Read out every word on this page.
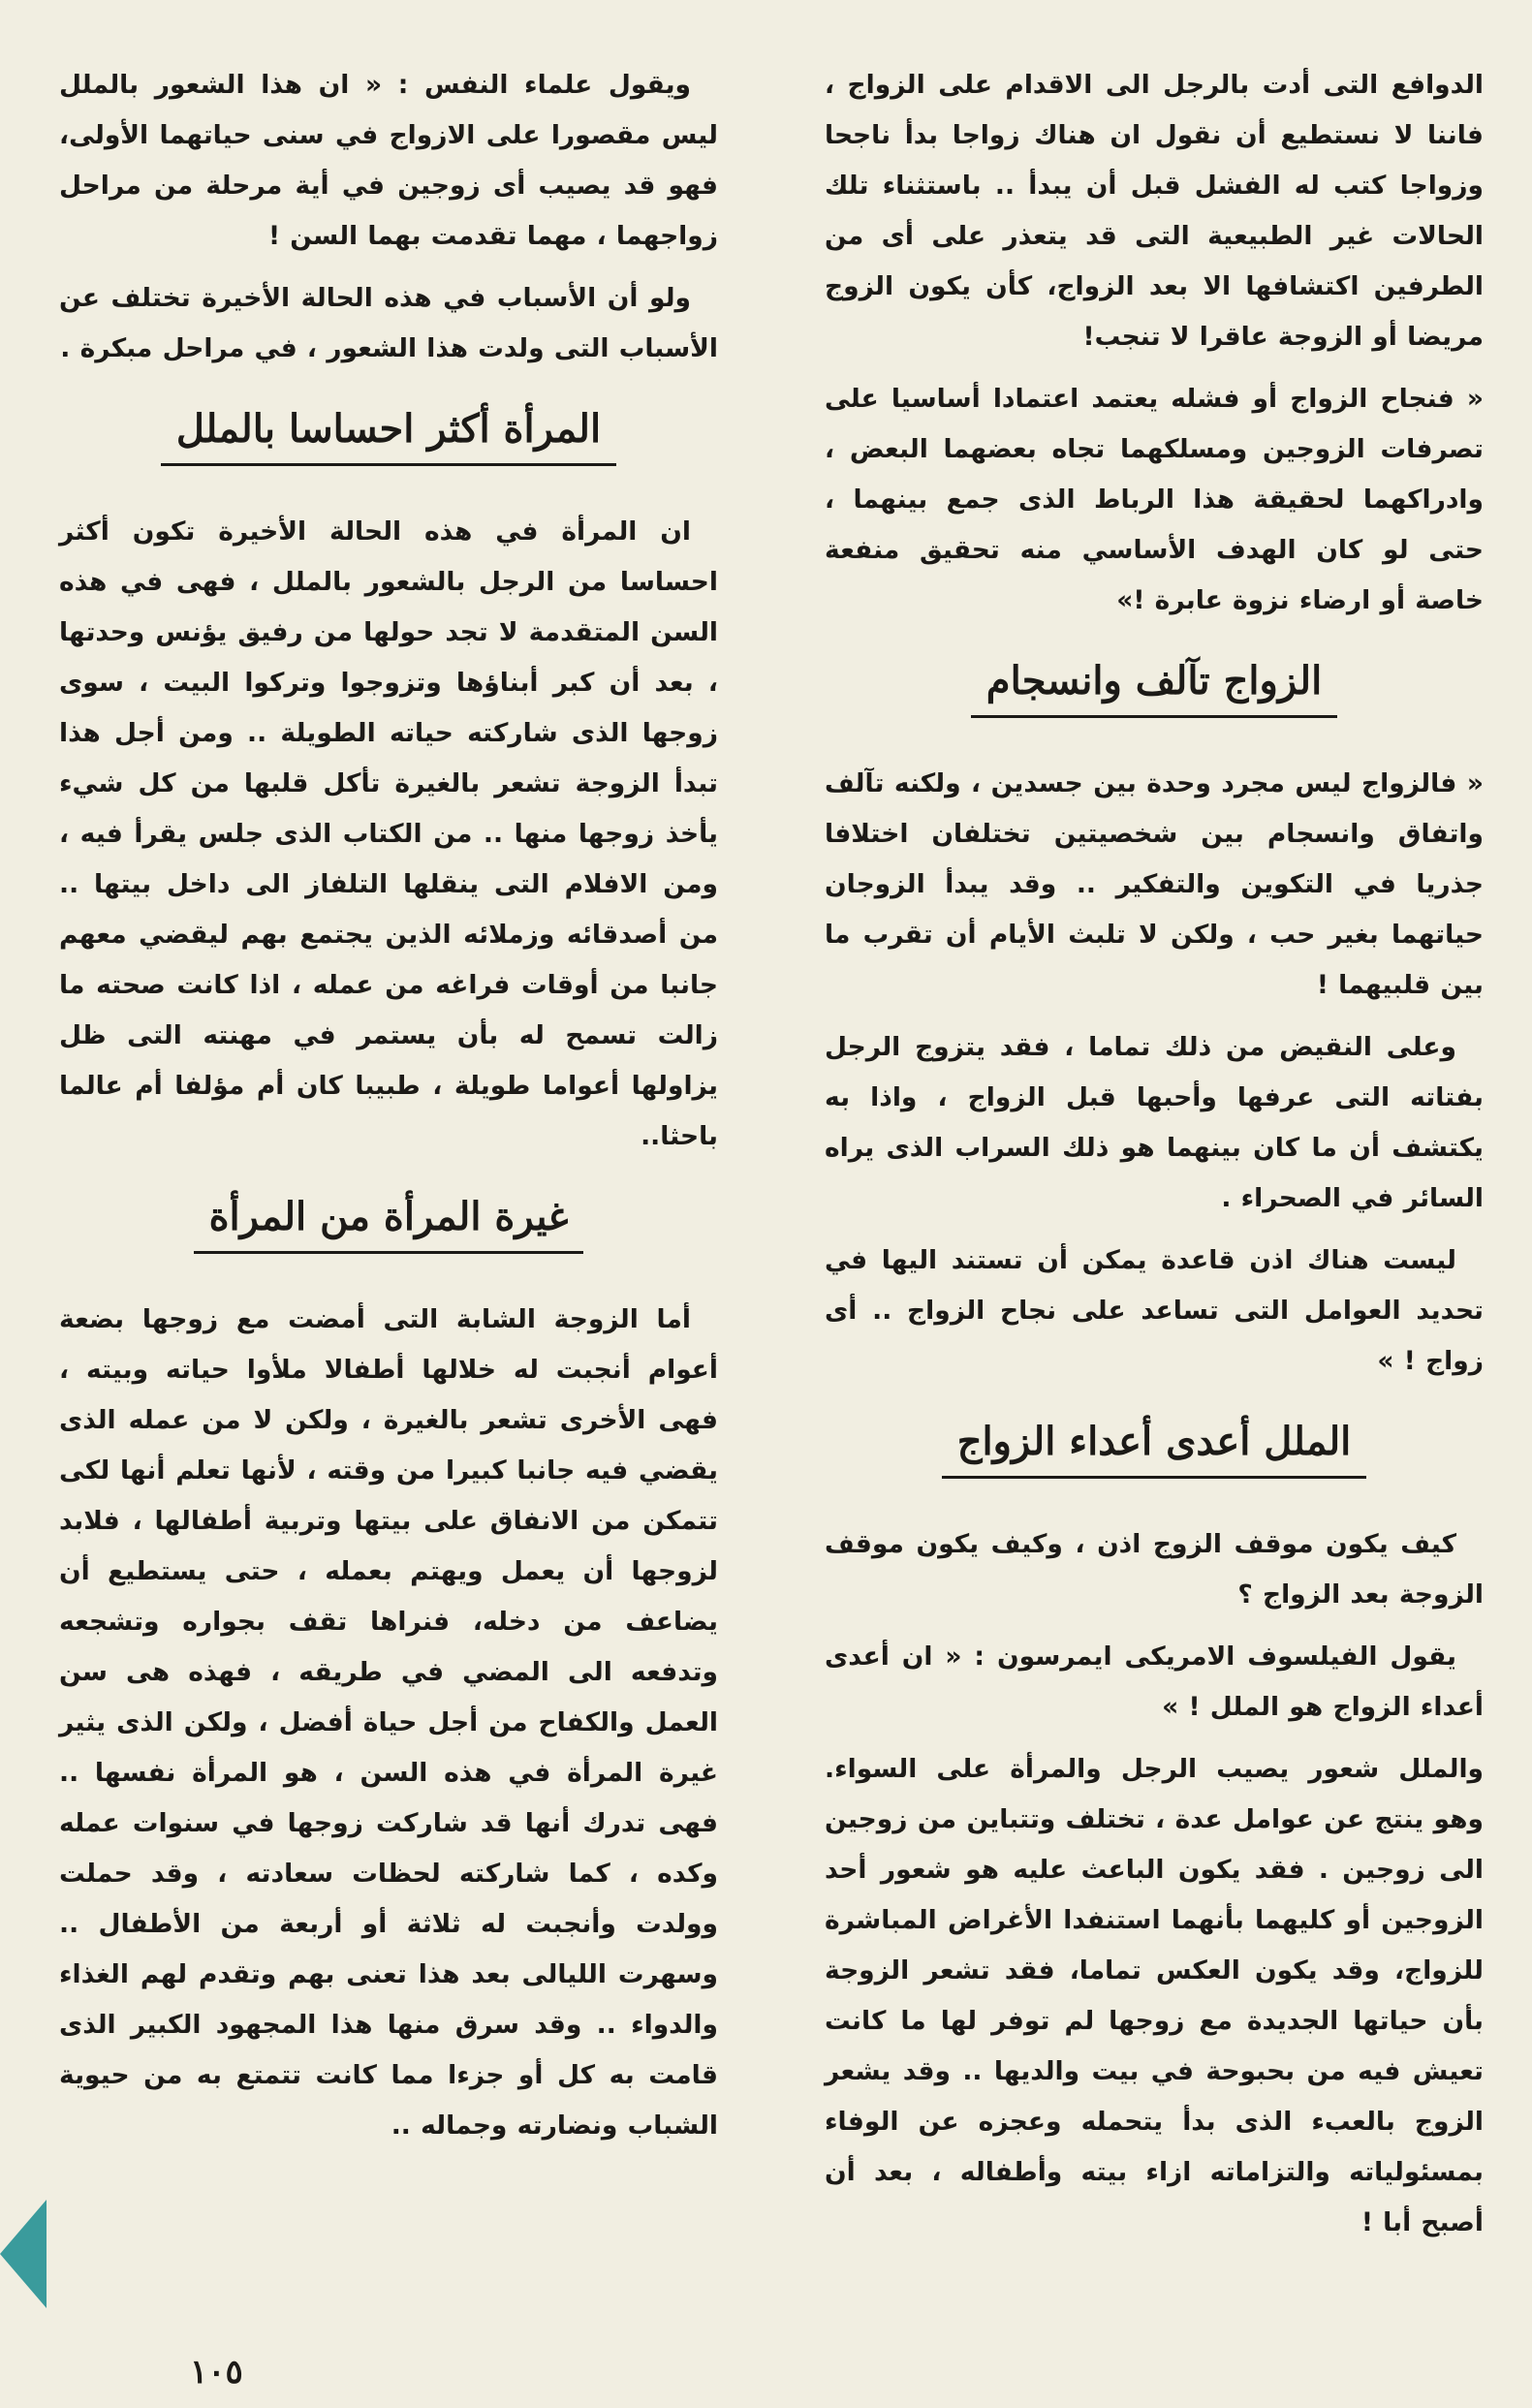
الدوافع التى أدت بالرجل الى الاقدام على الزواج ، فاننا لا نستطيع أن نقول ان هناك زواجا بدأ ناجحا وزواجا كتب له الفشل قبل أن يبدأ .. باستثناء تلك الحالات غير الطبيعية التى قد يتعذر على أى من الطرفين اكتشافها الا بعد الزواج، كأن يكون الزوج مريضا أو الزوجة عاقرا لا تنجب!

« فنجاح الزواج أو فشله يعتمد اعتمادا أساسيا على تصرفات الزوجين ومسلكهما تجاه بعضهما البعض ، وادراكهما لحقيقة هذا الرباط الذى جمع بينهما ، حتى لو كان الهدف الأساسي منه تحقيق منفعة خاصة أو ارضاء نزوة عابرة !»

الزواج تآلف وانسجام

« فالزواج ليس مجرد وحدة بين جسدين ، ولكنه تآلف واتفاق وانسجام بين شخصيتين تختلفان اختلافا جذريا في التكوين والتفكير .. وقد يبدأ الزوجان حياتهما بغير حب ، ولكن لا تلبث الأيام أن تقرب ما بين قلبيهما !

وعلى النقيض من ذلك تماما ، فقد يتزوج الرجل بفتاته التى عرفها وأحبها قبل الزواج ، واذا به يكتشف أن ما كان بينهما هو ذلك السراب الذى يراه السائر في الصحراء .

ليست هناك اذن قاعدة يمكن أن تستند اليها في تحديد العوامل التى تساعد على نجاح الزواج .. أى زواج ! »

الملل أعدى أعداء الزواج

كيف يكون موقف الزوج اذن ، وكيف يكون موقف الزوجة بعد الزواج ؟

يقول الفيلسوف الامريكى ايمرسون : « ان أعدى أعداء الزواج هو الملل ! »

والملل شعور يصيب الرجل والمرأة على السواء. وهو ينتج عن عوامل عدة ، تختلف وتتباين من زوجين الى زوجين . فقد يكون الباعث عليه هو شعور أحد الزوجين أو كليهما بأنهما استنفدا الأغراض المباشرة للزواج، وقد يكون العكس تماما، فقد تشعر الزوجة بأن حياتها الجديدة مع زوجها لم توفر لها ما كانت تعيش فيه من بحبوحة في بيت والديها .. وقد يشعر الزوج بالعبء الذى بدأ يتحمله وعجزه عن الوفاء بمسئولياته والتزاماته ازاء بيته وأطفاله ، بعد أن أصبح أبا !

ويقول علماء النفس : « ان هذا الشعور بالملل ليس مقصورا على الازواج في سنى حياتهما الأولى، فهو قد يصيب أى زوجين في أية مرحلة من مراحل زواجهما ، مهما تقدمت بهما السن !

ولو أن الأسباب في هذه الحالة الأخيرة تختلف عن الأسباب التى ولدت هذا الشعور ، في مراحل مبكرة .

المرأة أكثر احساسا بالملل

ان المرأة في هذه الحالة الأخيرة تكون أكثر احساسا من الرجل بالشعور بالملل ، فهى في هذه السن المتقدمة لا تجد حولها من رفيق يؤنس وحدتها ، بعد أن كبر أبناؤها وتزوجوا وتركوا البيت ، سوى زوجها الذى شاركته حياته الطويلة .. ومن أجل هذا تبدأ الزوجة تشعر بالغيرة تأكل قلبها من كل شيء يأخذ زوجها منها .. من الكتاب الذى جلس يقرأ فيه ، ومن الافلام التى ينقلها التلفاز الى داخل بيتها .. من أصدقائه وزملائه الذين يجتمع بهم ليقضي معهم جانبا من أوقات فراغه من عمله ، اذا كانت صحته ما زالت تسمح له بأن يستمر في مهنته التى ظل يزاولها أعواما طويلة ، طبيبا كان أم مؤلفا أم عالما باحثا..

غيرة المرأة من المرأة

أما الزوجة الشابة التى أمضت مع زوجها بضعة أعوام أنجبت له خلالها أطفالا ملأوا حياته وبيته ، فهى الأخرى تشعر بالغيرة ، ولكن لا من عمله الذى يقضي فيه جانبا كبيرا من وقته ، لأنها تعلم أنها لكى تتمكن من الانفاق على بيتها وتربية أطفالها ، فلابد لزوجها أن يعمل ويهتم بعمله ، حتى يستطيع أن يضاعف من دخله، فنراها تقف بجواره وتشجعه وتدفعه الى المضي في طريقه ، فهذه هى سن العمل والكفاح من أجل حياة أفضل ، ولكن الذى يثير غيرة المرأة في هذه السن ، هو المرأة نفسها .. فهى تدرك أنها قد شاركت زوجها في سنوات عمله وكده ، كما شاركته لحظات سعادته ، وقد حملت وولدت وأنجبت له ثلاثة أو أربعة من الأطفال .. وسهرت الليالى بعد هذا تعنى بهم وتقدم لهم الغذاء والدواء .. وقد سرق منها هذا المجهود الكبير الذى قامت به كل أو جزءا مما كانت تتمتع به من حيوية الشباب ونضارته وجماله ..

١٠٥
